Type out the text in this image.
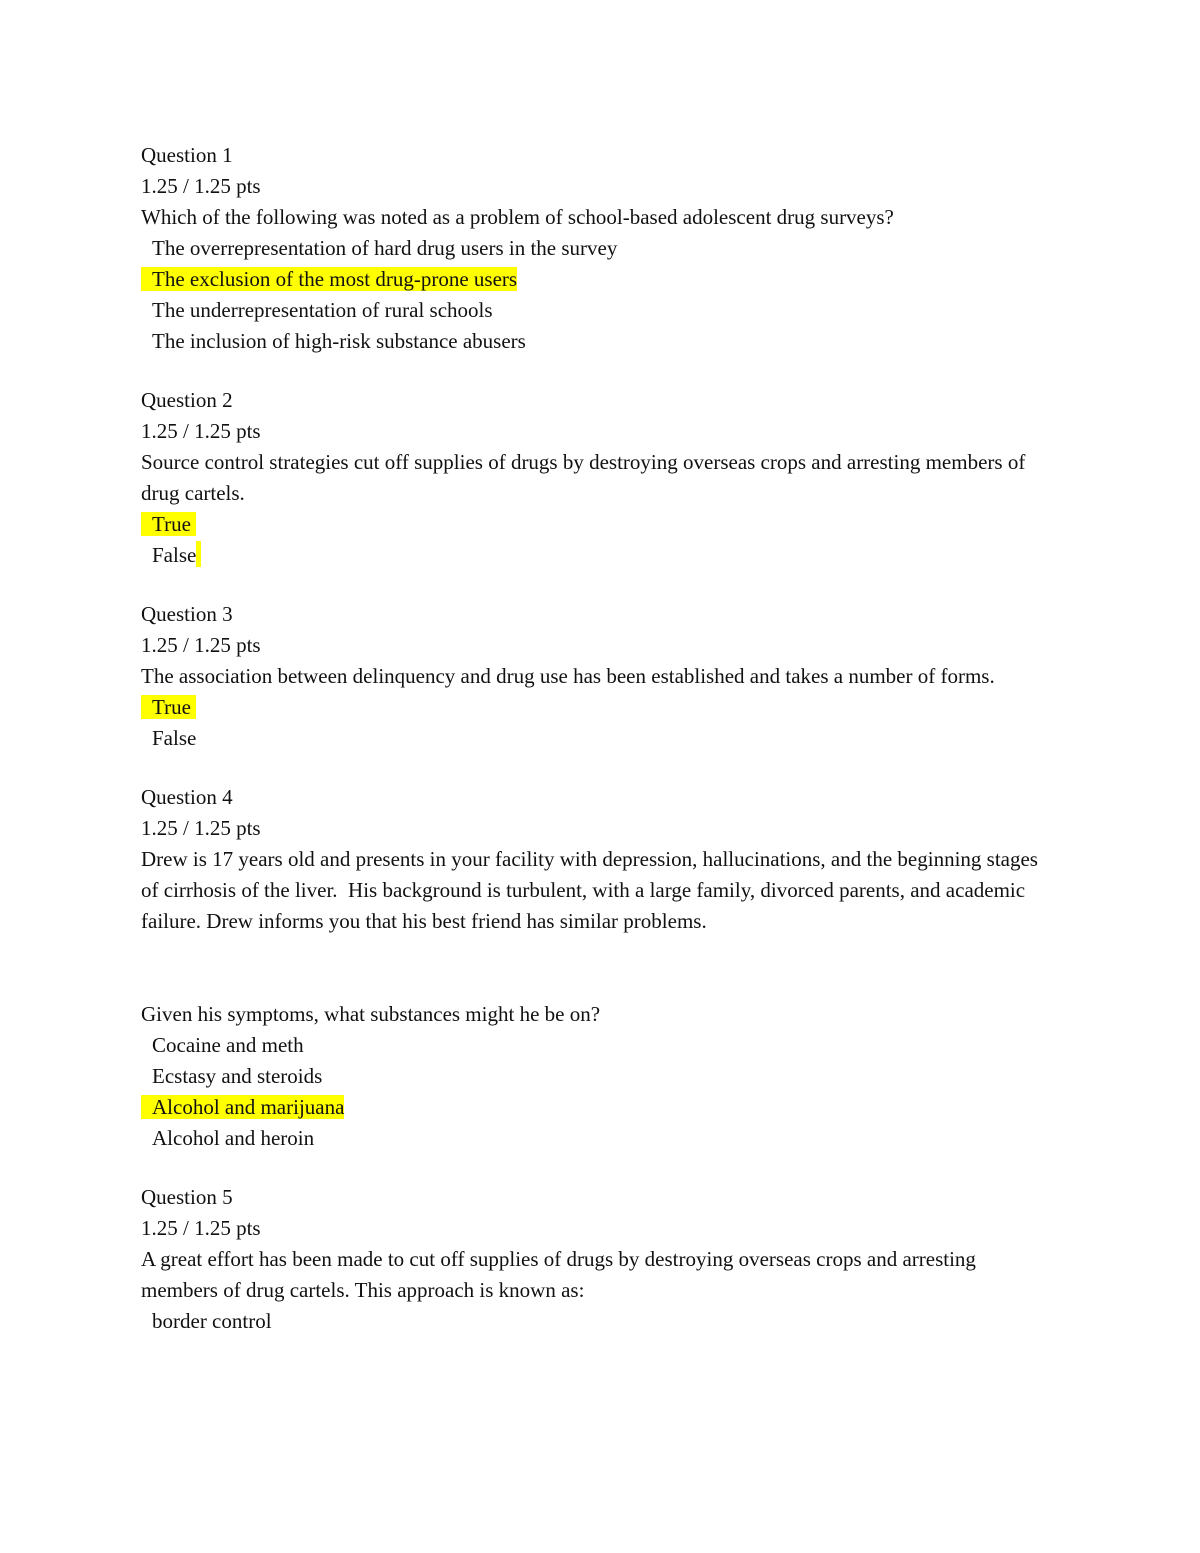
Question 1
1.25 / 1.25 pts
Which of the following was noted as a problem of school-based adolescent drug surveys?
The overrepresentation of hard drug users in the survey
The exclusion of the most drug-prone users
The underrepresentation of rural schools
The inclusion of high-risk substance abusers
Question 2
1.25 / 1.25 pts
Source control strategies cut off supplies of drugs by destroying overseas crops and arresting members of drug cartels.
True
False
Question 3
1.25 / 1.25 pts
The association between delinquency and drug use has been established and takes a number of forms.
True
False
Question 4
1.25 / 1.25 pts
Drew is 17 years old and presents in your facility with depression, hallucinations, and the beginning stages of cirrhosis of the liver.  His background is turbulent, with a large family, divorced parents, and academic failure. Drew informs you that his best friend has similar problems.
Given his symptoms, what substances might he be on?
Cocaine and meth
Ecstasy and steroids
Alcohol and marijuana
Alcohol and heroin
Question 5
1.25 / 1.25 pts
A great effort has been made to cut off supplies of drugs by destroying overseas crops and arresting members of drug cartels. This approach is known as:
border control
